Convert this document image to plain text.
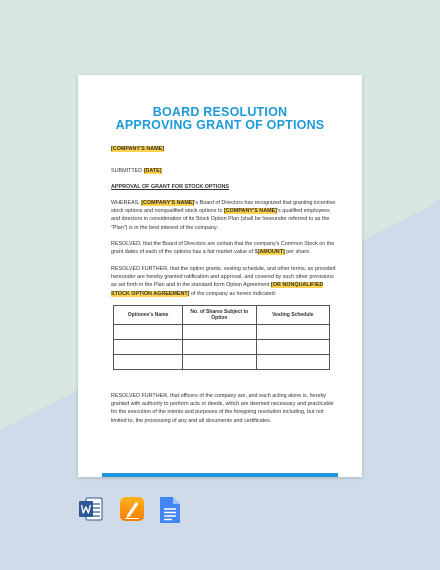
BOARD RESOLUTION
APPROVING GRANT OF OPTIONS
[COMPANY'S NAME]
SUBMITTED [DATE]
APPROVAL OF GRANT FOR STOCK OPTIONS
WHEREAS, [COMPANY'S NAME]'s Board of Directors has recognized that granting incentive stock options and nonqualified stock options to [COMPANY'S NAME]'s qualified employees and directors in consideration of its Stock Option Plan (shall be hereunder referred to as the "Plan") is in the best interest of the company.
RESOLVED, that the Board of Directors are certain that the company's Common Stock on the grant dates of each of the options has a fair market value of $[AMOUNT] per share.
RESOLVED FURTHER, that the option grants, vesting schedule, and other terms, as provided hereunder are hereby granted ratification and approval, and covered by such other provisions as set forth in the Plan and in the standard form Option Agreement [OR NONQUALIFIED STOCK OPTION AGREEMENT] of the company as herein indicated:
Optionee's Name	No. of Shares Subject to Option	Vesting Schedule

RESOLVED FURTHER, that officers of the company are, and each acting alone is, hereby granted with authority to perform acts or deeds, which are deemed necessary and practicable for the execution of the intents and purposes of the foregoing resolution including, but not limited to, the processing of any and all documents and certificates.
